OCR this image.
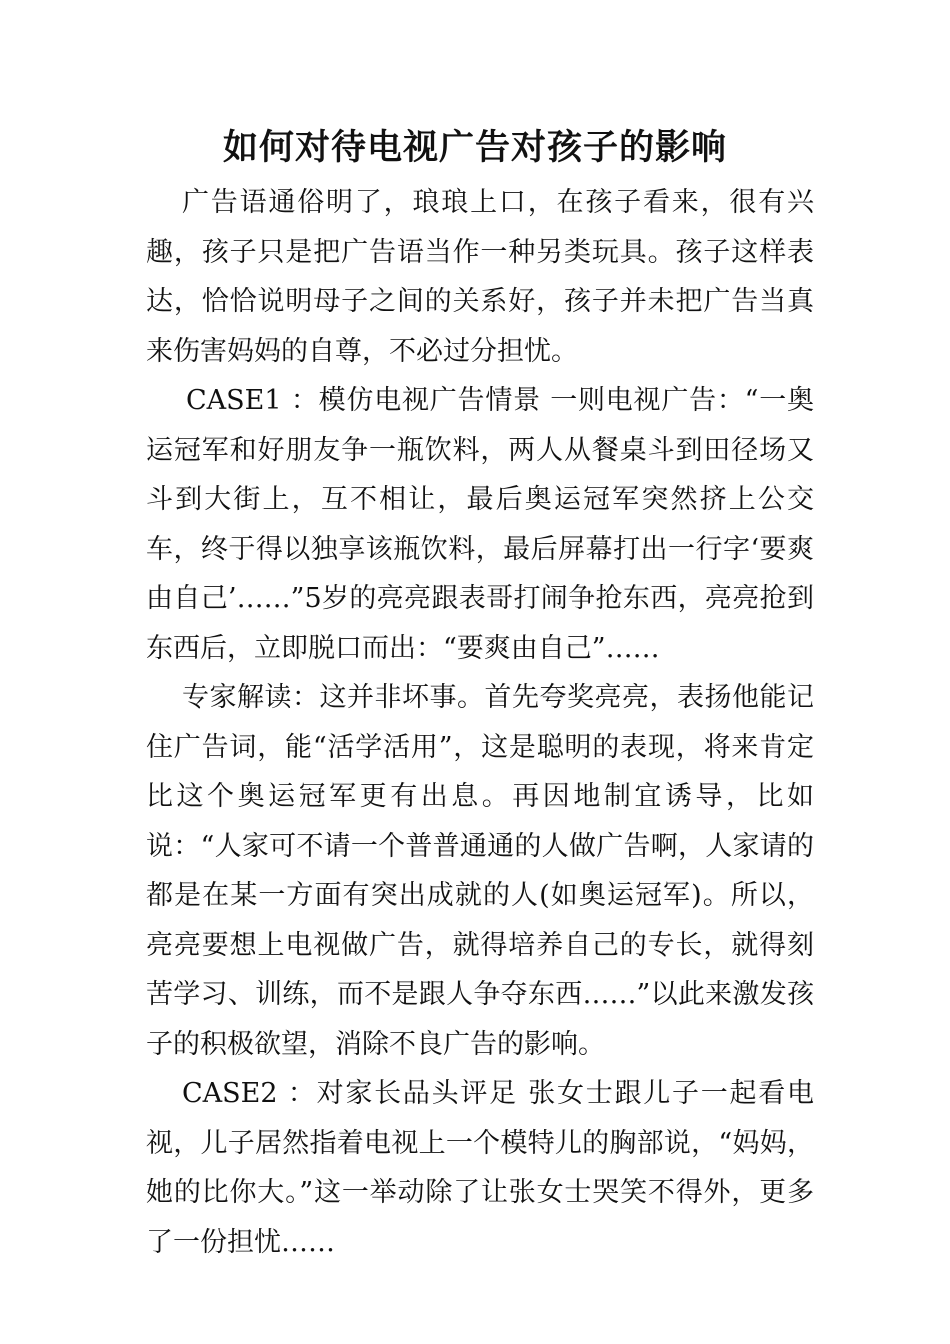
如何对待电视广告对孩子的影响

广告语通俗明了，琅琅上口，在孩子看来，很有兴趣，孩子只是把广告语当作一种另类玩具。孩子这样表达，恰恰说明母子之间的关系好，孩子并未把广告当真来伤害妈妈的自尊，不必过分担忧。

CASE1 ：模仿电视广告情景 一则电视广告：“一奥运冠军和好朋友争一瓶饮料，两人从餐桌斗到田径场又斗到大街上，互不相让，最后奥运冠军突然挤上公交车，终于得以独享该瓶饮料，最后屏幕打出一行字‘要爽由自己’……”5岁的亮亮跟表哥打闹争抢东西，亮亮抢到东西后，立即脱口而出：“要爽由自己”……

专家解读：这并非坏事。首先夸奖亮亮，表扬他能记住广告词，能“活学活用”，这是聪明的表现，将来肯定比这个奥运冠军更有出息。再因地制宜诱导，比如说：“人家可不请一个普普通通的人做广告啊，人家请的都是在某一方面有突出成就的人(如奥运冠军)。所以，亮亮要想上电视做广告，就得培养自己的专长，就得刻苦学习、训练，而不是跟人争夺东西……”以此来激发孩子的积极欲望，消除不良广告的影响。

CASE2 ：对家长品头评足 张女士跟儿子一起看电视，儿子居然指着电视上一个模特儿的胸部说，“妈妈，她的比你大。”这一举动除了让张女士哭笑不得外，更多了一份担忧……
